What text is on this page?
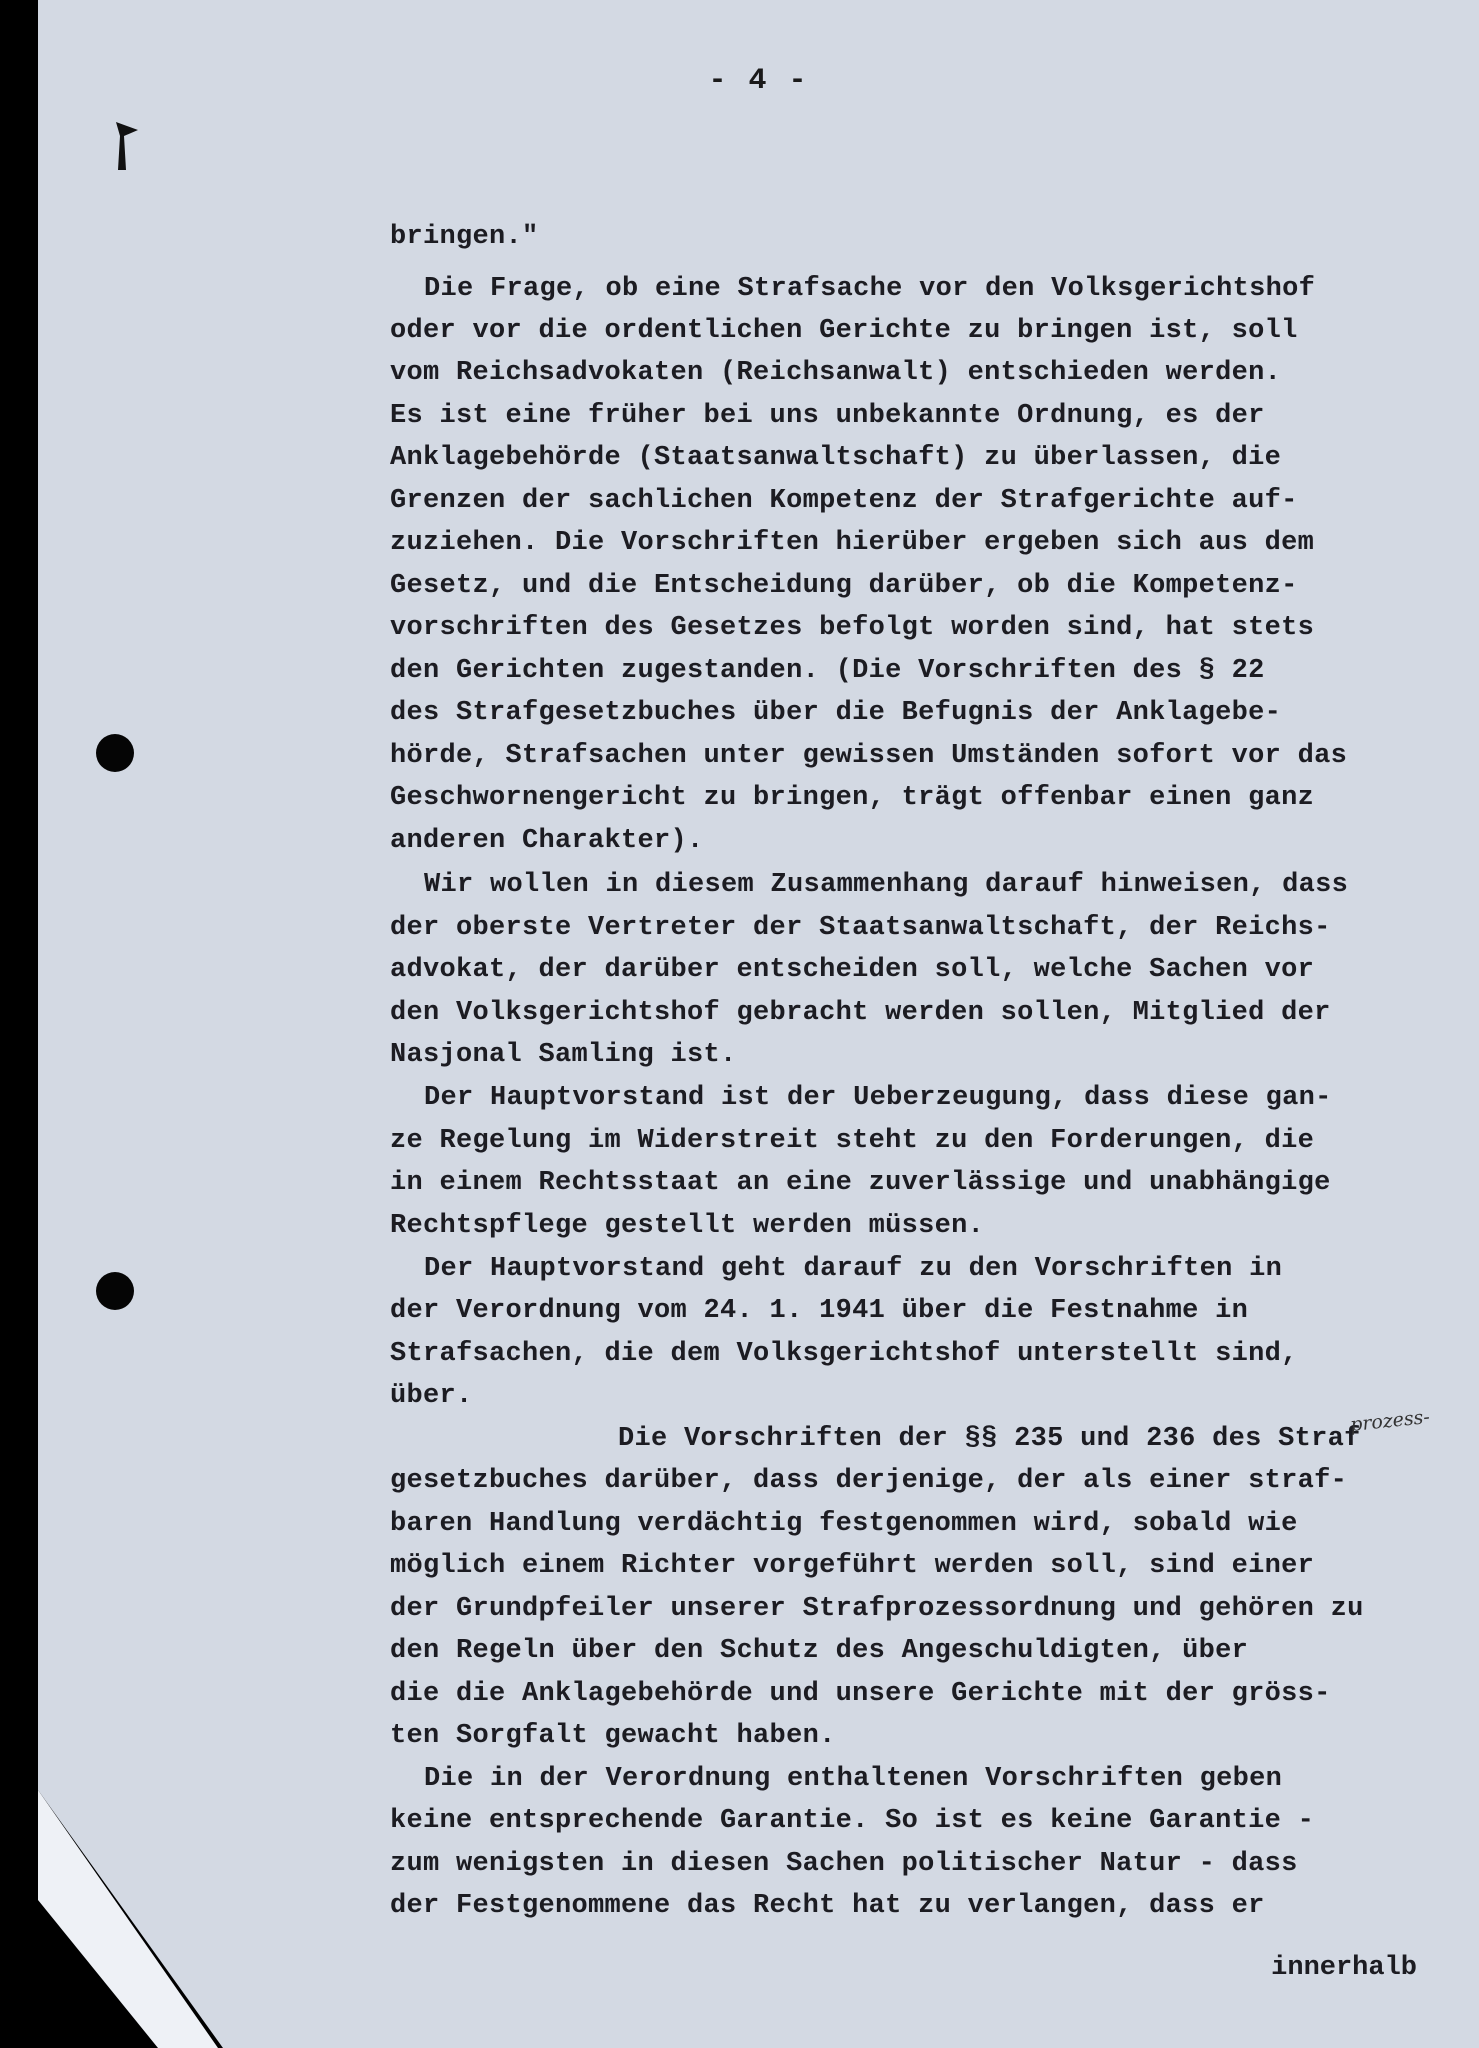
- 4 -
bringen."
Die Frage, ob eine Strafsache vor den Volksgerichtshof
oder vor die ordentlichen Gerichte zu bringen ist, soll
vom Reichsadvokaten (Reichsanwalt) entschieden werden.
Es ist eine früher bei uns unbekannte Ordnung, es der
Anklagebehörde (Staatsanwaltschaft) zu überlassen, die
Grenzen der sachlichen Kompetenz der Strafgerichte auf-
zuziehen. Die Vorschriften hierüber ergeben sich aus dem
Gesetz, und die Entscheidung darüber, ob die Kompetenz-
vorschriften des Gesetzes befolgt worden sind, hat stets
den Gerichten zugestanden. (Die Vorschriften des § 22
des Strafgesetzbuches über die Befugnis der Anklagebe-
hörde, Strafsachen unter gewissen Umständen sofort vor das
Geschwornengericht zu bringen, trägt offenbar einen ganz
anderen Charakter).
Wir wollen in diesem Zusammenhang darauf hinweisen, dass
der oberste Vertreter der Staatsanwaltschaft, der Reichs-
advokat, der darüber entscheiden soll, welche Sachen vor
den Volksgerichtshof gebracht werden sollen, Mitglied der
Nasjonal Samling ist.
Der Hauptvorstand ist der Ueberzeugung, dass diese gan-
ze Regelung im Widerstreit steht zu den Forderungen, die
in einem Rechtsstaat an eine zuverlässige und unabhängige
Rechtspflege gestellt werden müssen.
Der Hauptvorstand geht darauf zu den Vorschriften in
der Verordnung vom 24. 1. 1941 über die Festnahme in
Strafsachen, die dem Volksgerichtshof unterstellt sind,
über.
Die Vorschriften der §§ 235 und 236 des Straf
gesetzbuches darüber, dass derjenige, der als einer straf-
baren Handlung verdächtig festgenommen wird, sobald wie
möglich einem Richter vorgeführt werden soll, sind einer
der Grundpfeiler unserer Strafprozessordnung und gehören zu
den Regeln über den Schutz des Angeschuldigten, über
die die Anklagebehörde und unsere Gerichte mit der gröss-
ten Sorgfalt gewacht haben.
Die in der Verordnung enthaltenen Vorschriften geben
keine entsprechende Garantie. So ist es keine Garantie -
zum wenigsten in diesen Sachen politischer Natur - dass
der Festgenommene das Recht hat zu verlangen, dass er
prozess-
innerhalb
